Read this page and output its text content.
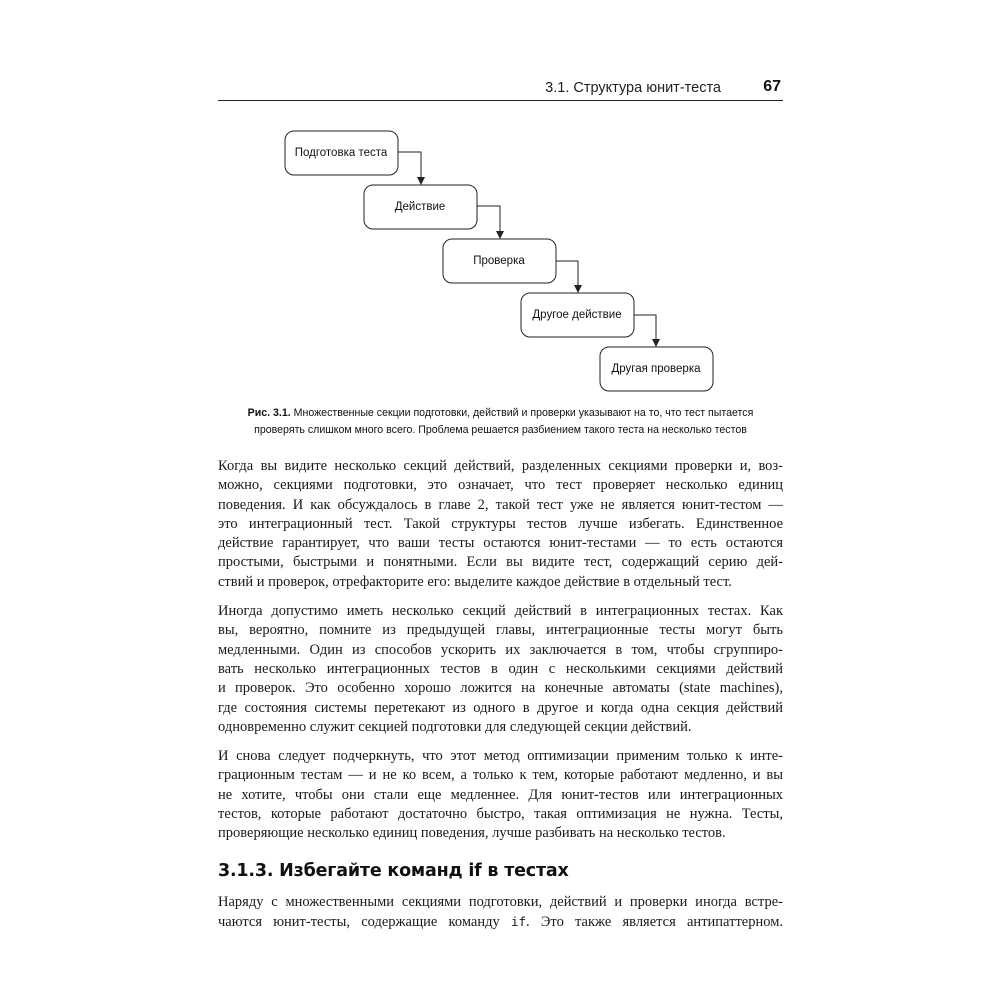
3.1. Структура юнит-теста	67
Подготовка теста
Действие
Проверка
Другое действие
Другая проверка
Рис. 3.1. Множественные секции подготовки, действий и проверки указывают на то, что тест пытается
проверять слишком много всего. Проблема решается разбиением такого теста на несколько тестов

Когда вы видите несколько секций действий, разделенных секциями проверки и, воз-
можно, секциями подготовки, это означает, что тест проверяет несколько единиц
поведения. И как обсуждалось в главе 2, такой тест уже не является юнит-тестом —
это интеграционный тест. Такой структуры тестов лучше избегать. Единственное
действие гарантирует, что ваши тесты остаются юнит-тестами — то есть остаются
простыми, быстрыми и понятными. Если вы видите тест, содержащий серию дей-
ствий и проверок, отрефакторите его: выделите каждое действие в отдельный тест.

Иногда допустимо иметь несколько секций действий в интеграционных тестах. Как
вы, вероятно, помните из предыдущей главы, интеграционные тесты могут быть
медленными. Один из способов ускорить их заключается в том, чтобы сгруппиро-
вать несколько интеграционных тестов в один с несколькими секциями действий
и проверок. Это особенно хорошо ложится на конечные автоматы (state machines),
где состояния системы перетекают из одного в другое и когда одна секция действий
одновременно служит секцией подготовки для следующей секции действий.

И снова следует подчеркнуть, что этот метод оптимизации применим только к инте-
грационным тестам — и не ко всем, а только к тем, которые работают медленно, и вы
не хотите, чтобы они стали еще медленнее. Для юнит-тестов или интеграционных
тестов, которые работают достаточно быстро, такая оптимизация не нужна. Тесты,
проверяющие несколько единиц поведения, лучше разбивать на несколько тестов.

3.1.3. Избегайте команд if в тестах

Наряду с множественными секциями подготовки, действий и проверки иногда встре-
чаются юнит-тесты, содержащие команду if. Это также является антипаттерном.
